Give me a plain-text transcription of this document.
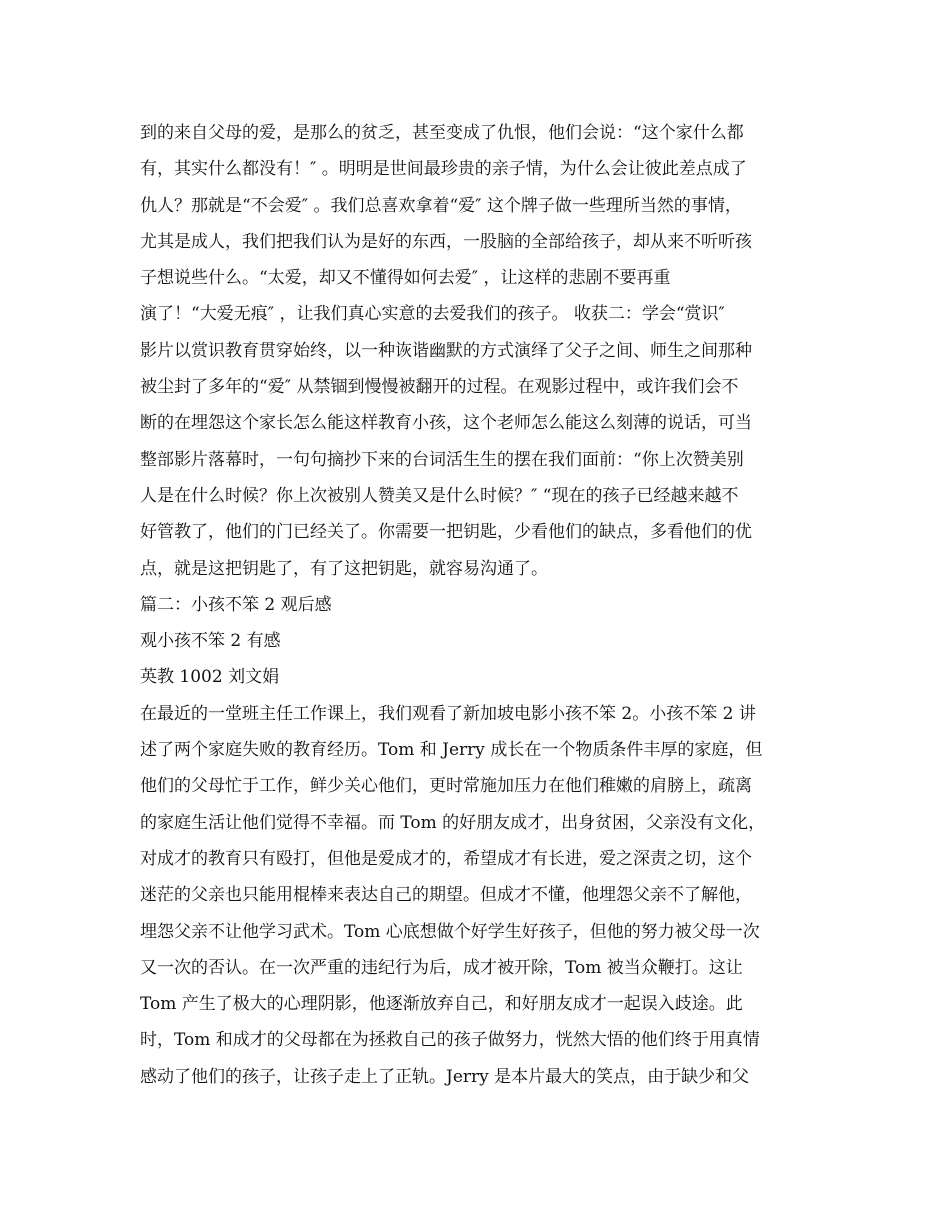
到的来自父母的爱，是那么的贫乏，甚至变成了仇恨，他们会说：“这个家什么都
有，其实什么都没有！″ 。明明是世间最珍贵的亲子情，为什么会让彼此差点成了
仇人？那就是“不会爱″ 。我们总喜欢拿着“爱″ 这个牌子做一些理所当然的事情，
尤其是成人，我们把我们认为是好的东西，一股脑的全部给孩子，却从来不听听孩
子想说些什么。“太爱，却又不懂得如何去爱″ ，让这样的悲剧不要再重
演了！“大爱无痕″ ，让我们真心实意的去爱我们的孩子。 收获二：学会“赏识″
影片以赏识教育贯穿始终，以一种诙谐幽默的方式演绎了父子之间、师生之间那种
被尘封了多年的“爱″ 从禁锢到慢慢被翻开的过程。在观影过程中，或许我们会不
断的在埋怨这个家长怎么能这样教育小孩，这个老师怎么能这么刻薄的说话，可当
整部影片落幕时，一句句摘抄下来的台词活生生的摆在我们面前：“你上次赞美别
人是在什么时候？你上次被别人赞美又是什么时候？″ “现在的孩子已经越来越不
好管教了，他们的门已经关了。你需要一把钥匙，少看他们的缺点，多看他们的优
点，就是这把钥匙了，有了这把钥匙，就容易沟通了。
篇二：小孩不笨 2 观后感
观小孩不笨 2 有感
英教 1002 刘文娟
在最近的一堂班主任工作课上，我们观看了新加坡电影小孩不笨 2。小孩不笨 2 讲
述了两个家庭失败的教育经历。Tom 和 Jerry 成长在一个物质条件丰厚的家庭，但
他们的父母忙于工作，鲜少关心他们，更时常施加压力在他们稚嫩的肩膀上，疏离
的家庭生活让他们觉得不幸福。而 Tom 的好朋友成才，出身贫困，父亲没有文化，
对成才的教育只有殴打，但他是爱成才的，希望成才有长进，爱之深责之切，这个
迷茫的父亲也只能用棍棒来表达自己的期望。但成才不懂，他埋怨父亲不了解他，
埋怨父亲不让他学习武术。Tom 心底想做个好学生好孩子，但他的努力被父母一次
又一次的否认。在一次严重的违纪行为后，成才被开除，Tom 被当众鞭打。这让
Tom 产生了极大的心理阴影，他逐渐放弃自己，和好朋友成才一起误入歧途。此
时，Tom 和成才的父母都在为拯救自己的孩子做努力，恍然大悟的他们终于用真情
感动了他们的孩子，让孩子走上了正轨。Jerry 是本片最大的笑点，由于缺少和父
